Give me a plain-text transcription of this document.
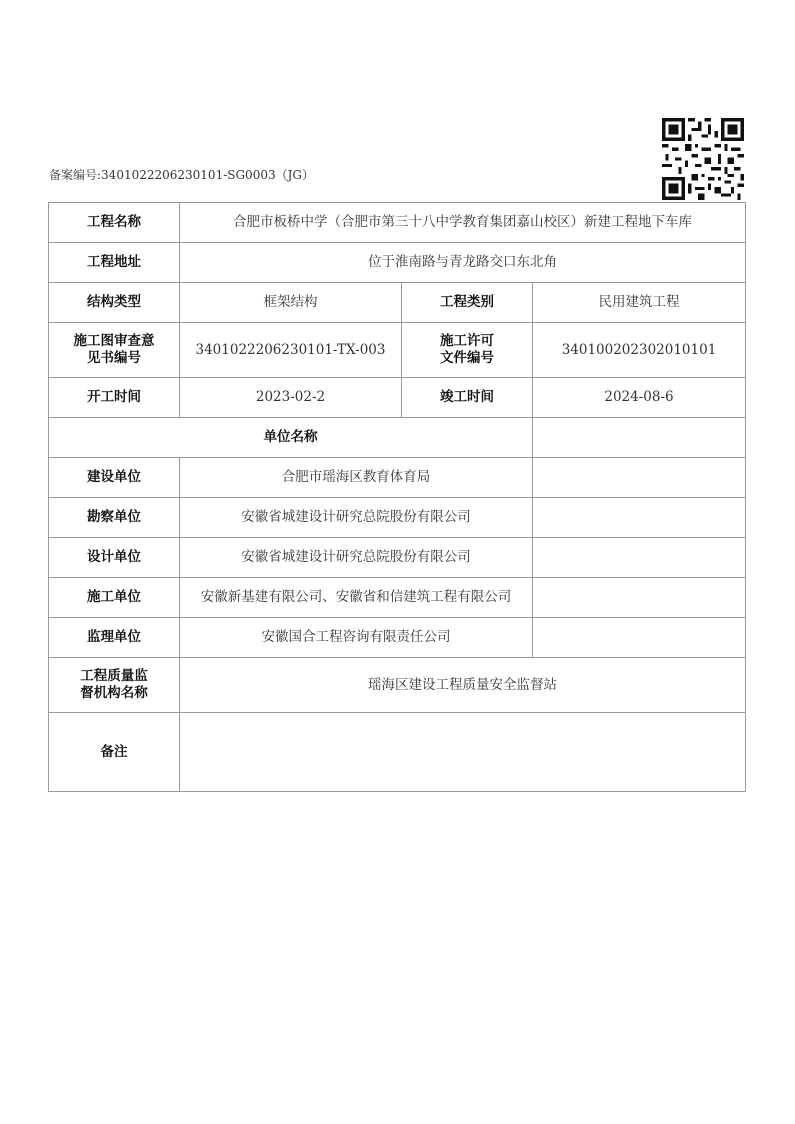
备案编号:3401022206230101-SG0003（JG）
工程名称	合肥市板桥中学（合肥市第三十八中学教育集团嘉山校区）新建工程地下车库		
工程地址	位于淮南路与青龙路交口东北角		
结构类型	框架结构	工程类别	民用建筑工程

施工图审查意见书编号	3401022206230101-TX-003	施工许可文件编号	340100202302010101
开工时间	2023-02-2	竣工时间	2024-08-6
单位名称			
建设单位	合肥市瑶海区教育体育局		
勘察单位	安徽省城建设计研究总院股份有限公司		
设计单位	安徽省城建设计研究总院股份有限公司		
施工单位	安徽新基建有限公司、安徽省和信建筑工程有限公司		
监理单位	安徽国合工程咨询有限责任公司		

工程质量监督机构名称	瑶海区建设工程质量安全监督站		
备注			
